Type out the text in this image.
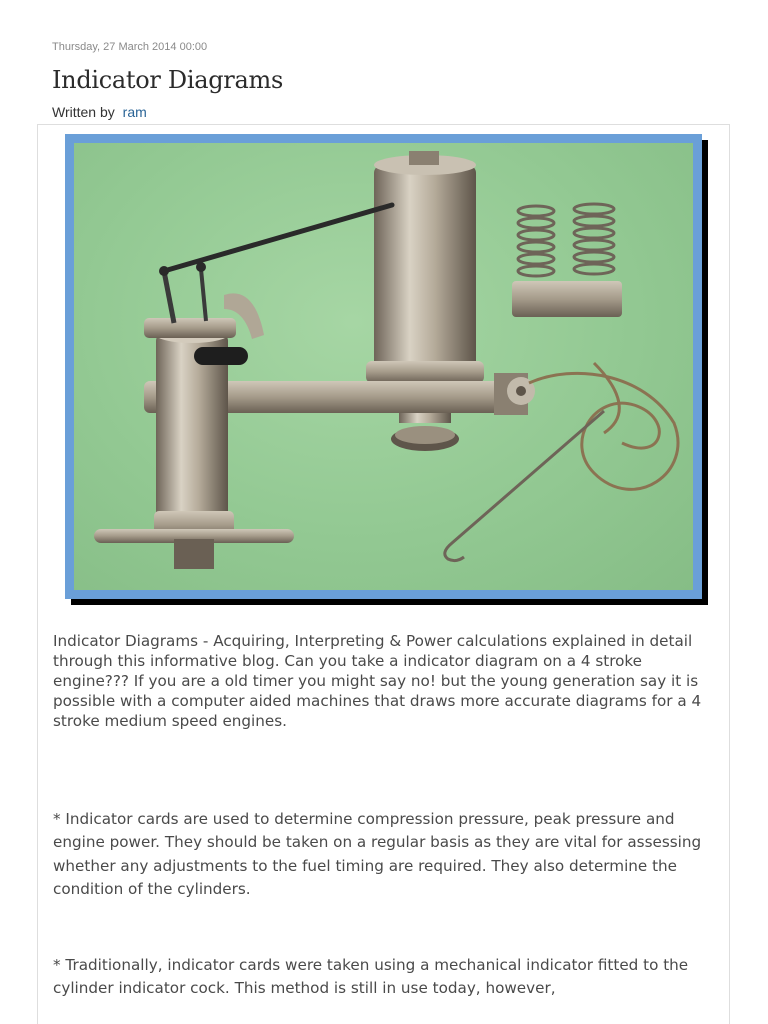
Thursday, 27 March 2014 00:00
Indicator Diagrams
Written by ram

Indicator Diagrams - Acquiring, Interpreting & Power calculations explained in detail through this informative blog. Can you take a indicator diagram on a 4 stroke engine??? If you are a old timer you might say no! but the young generation say it is possible with a computer aided machines that draws more accurate diagrams for a 4 stroke medium speed engines.

* Indicator cards are used to determine compression pressure, peak pressure and engine power. They should be taken on a regular basis as they are vital for assessing whether any adjustments to the fuel timing are required. They also determine the condition of the cylinders.

* Traditionally, indicator cards were taken using a mechanical indicator fitted to the cylinder indicator cock. This method is still in use today, however,
